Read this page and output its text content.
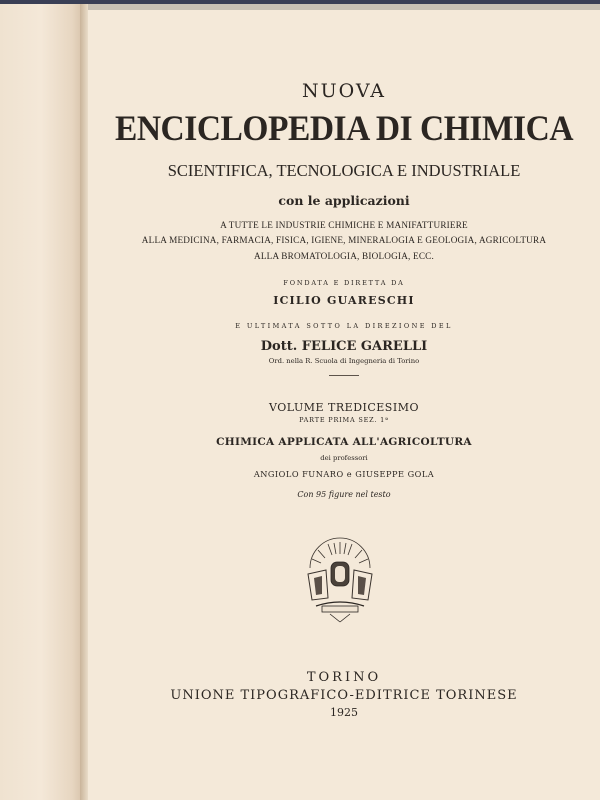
NUOVA

ENCICLOPEDIA DI CHIMICA

SCIENTIFICA, TECNOLOGICA E INDUSTRIALE

con le applicazioni

A TUTTE LE INDUSTRIE CHIMICHE E MANIFATTURIERE

ALLA MEDICINA, FARMACIA, FISICA, IGIENE, MINERALOGIA E GEOLOGIA, AGRICOLTURA

ALLA BROMATOLOGIA, BIOLOGIA, ECC.

FONDATA E DIRETTA DA

ICILIO GUARESCHI

E ULTIMATA SOTTO LA DIREZIONE DEL

Dott. FELICE GARELLI

Ord. nella R. Scuola di Ingegneria di Torino

VOLUME TREDICESIMO

PARTE PRIMA SEZ. 1ª

CHIMICA APPLICATA ALL'AGRICOLTURA

dei professori

ANGIOLO FUNARO e GIUSEPPE GOLA

Con 95 figure nel testo

TORINO

UNIONE TIPOGRAFICO-EDITRICE TORINESE

1925
